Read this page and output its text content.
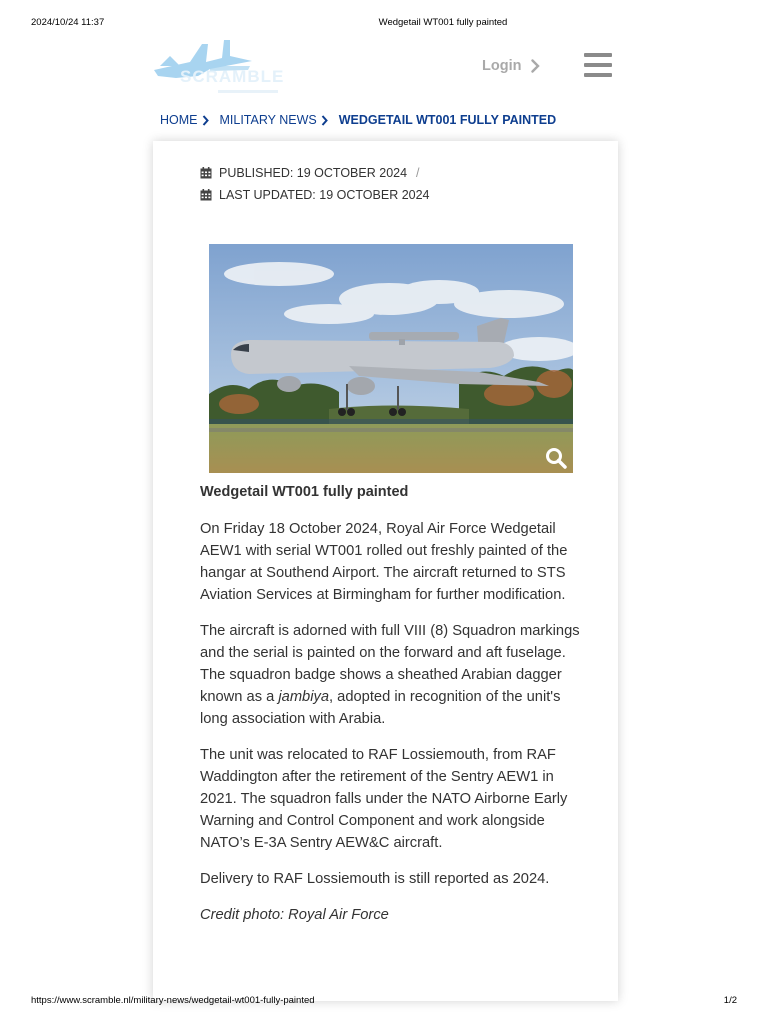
2024/10/24 11:37	Wedgetail WT001 fully painted
SCRAMBLE
Login
HOME MILITARY NEWS WEDGETAIL WT001 FULLY PAINTED
PUBLISHED: 19 OCTOBER 2024 /
LAST UPDATED: 19 OCTOBER 2024
Wedgetail WT001 fully painted

On Friday 18 October 2024, Royal Air Force Wedgetail AEW1 with serial WT001 rolled out freshly painted of the hangar at Southend Airport. The aircraft returned to STS Aviation Services at Birmingham for further modification.

The aircraft is adorned with full VIII (8) Squadron markings and the serial is painted on the forward and aft fuselage. The squadron badge shows a sheathed Arabian dagger known as a jambiya, adopted in recognition of the unit's long association with Arabia.

The unit was relocated to RAF Lossiemouth, from RAF Waddington after the retirement of the Sentry AEW1 in 2021. The squadron falls under the NATO Airborne Early Warning and Control Component and work alongside NATO’s E-3A Sentry AEW&C aircraft.

Delivery to RAF Lossiemouth is still reported as 2024.

Credit photo: Royal Air Force

https://www.scramble.nl/military-news/wedgetail-wt001-fully-painted	1/2
